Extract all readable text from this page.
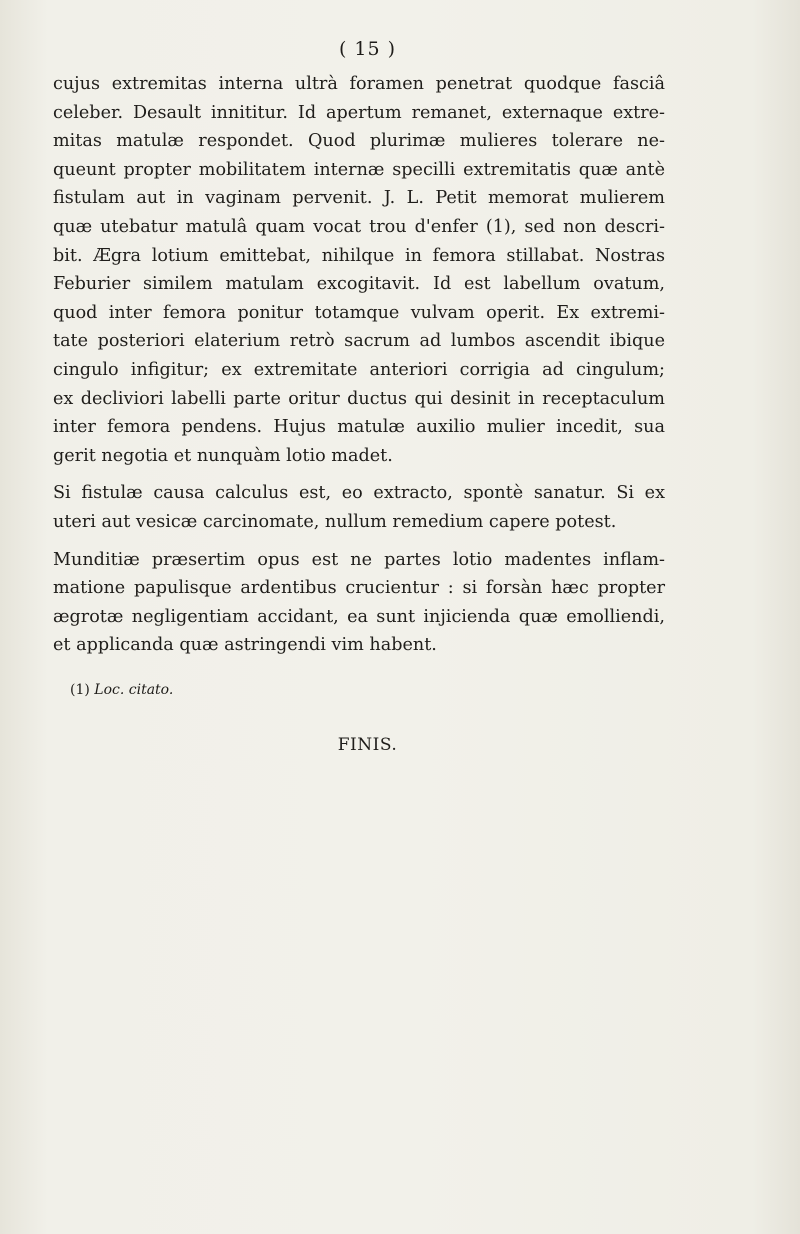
( 15 )
cujus extremitas interna ultrà foramen penetrat quodque fasciâ
celeber. Desault innititur. Id apertum remanet, externaque extre-
mitas matulæ respondet. Quod plurimæ mulieres tolerare ne-
queunt propter mobilitatem internæ specilli extremitatis quæ antè
fistulam aut in vaginam pervenit. J. L. Petit memorat mulierem
quæ utebatur matulâ quam vocat trou d'enfer (1), sed non descri-
bit. Ægra lotium emittebat, nihilque in femora stillabat. Nostras
Feburier similem matulam excogitavit. Id est labellum ovatum,
quod inter femora ponitur totamque vulvam operit. Ex extremi-
tate posteriori elaterium retrò sacrum ad lumbos ascendit ibique
cingulo infigitur; ex extremitate anteriori corrigia ad cingulum;
ex decliviori labelli parte oritur ductus qui desinit in receptaculum
inter femora pendens. Hujus matulæ auxilio mulier incedit, sua
gerit negotia et nunquàm lotio madet.
Si fistulæ causa calculus est, eo extracto, spontè sanatur. Si ex
uteri aut vesicæ carcinomate, nullum remedium capere potest.
Munditiæ præsertim opus est ne partes lotio madentes inflam-
matione papulisque ardentibus crucientur : si forsàn hæc propter
ægrotæ negligentiam accidant, ea sunt injicienda quæ emolliendi,
et applicanda quæ astringendi vim habent.
(1) Loc. citato.
FINIS.
